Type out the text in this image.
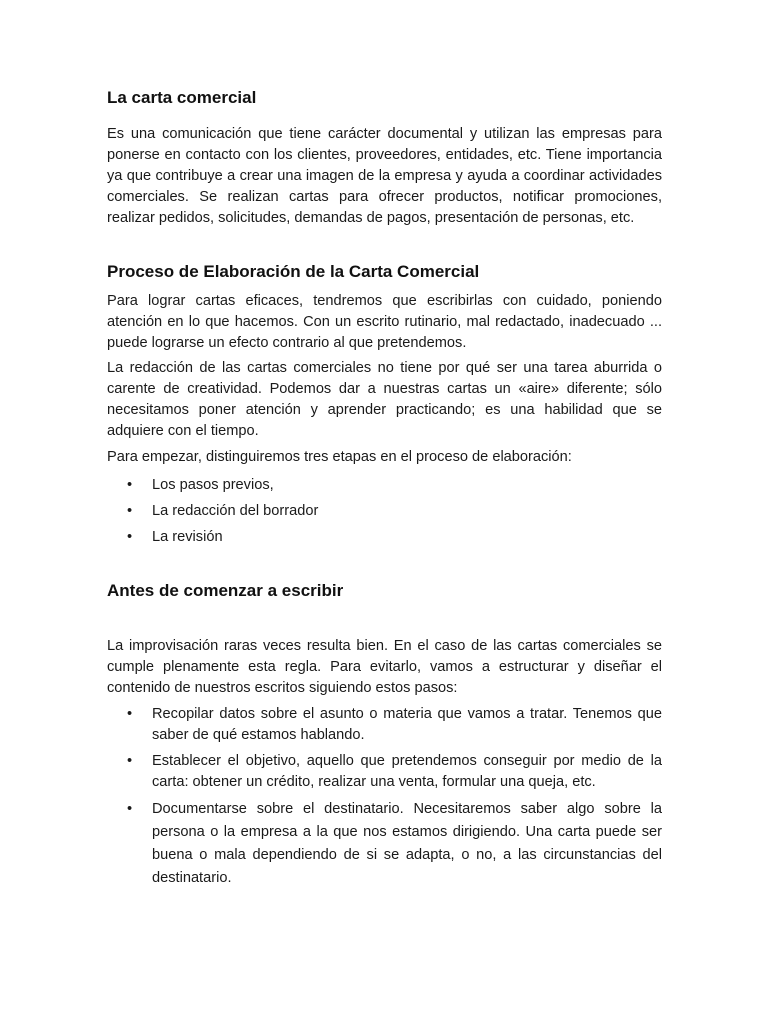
La carta comercial

Es una comunicación que tiene carácter documental y utilizan las empresas para ponerse en contacto con los clientes, proveedores, entidades, etc. Tiene importancia ya que contribuye a crear una imagen de la empresa y ayuda a coordinar actividades comerciales. Se realizan cartas para ofrecer productos, notificar promociones, realizar pedidos, solicitudes, demandas de pagos, presentación de personas, etc.

Proceso de Elaboración de la Carta Comercial

Para lograr cartas eficaces, tendremos que escribirlas con cuidado, poniendo atención en lo que hacemos. Con un escrito rutinario, mal redactado, inadecuado ... puede lograrse un efecto contrario al que pretendemos.

La redacción de las cartas comerciales no tiene por qué ser una tarea aburrida o carente de creatividad. Podemos dar a nuestras cartas un «aire» diferente; sólo necesitamos poner atención y aprender practicando; es una habilidad que se adquiere con el tiempo.

Para empezar, distinguiremos tres etapas en el proceso de elaboración:

• Los pasos previos,
• La redacción del borrador
• La revisión
Antes de comenzar a escribir

La improvisación raras veces resulta bien. En el caso de las cartas comerciales se cumple plenamente esta regla. Para evitarlo, vamos a estructurar y diseñar el contenido de nuestros escritos siguiendo estos pasos:

• Recopilar datos sobre el asunto o materia que vamos a tratar. Tenemos que saber de qué estamos hablando.
• Establecer el objetivo, aquello que pretendemos conseguir por medio de la carta: obtener un crédito, realizar una venta, formular una queja, etc.
• Documentarse sobre el destinatario. Necesitaremos saber algo sobre la persona o la empresa a la que nos estamos dirigiendo. Una carta puede ser buena o mala dependiendo de si se adapta, o no, a las circunstancias del destinatario.
